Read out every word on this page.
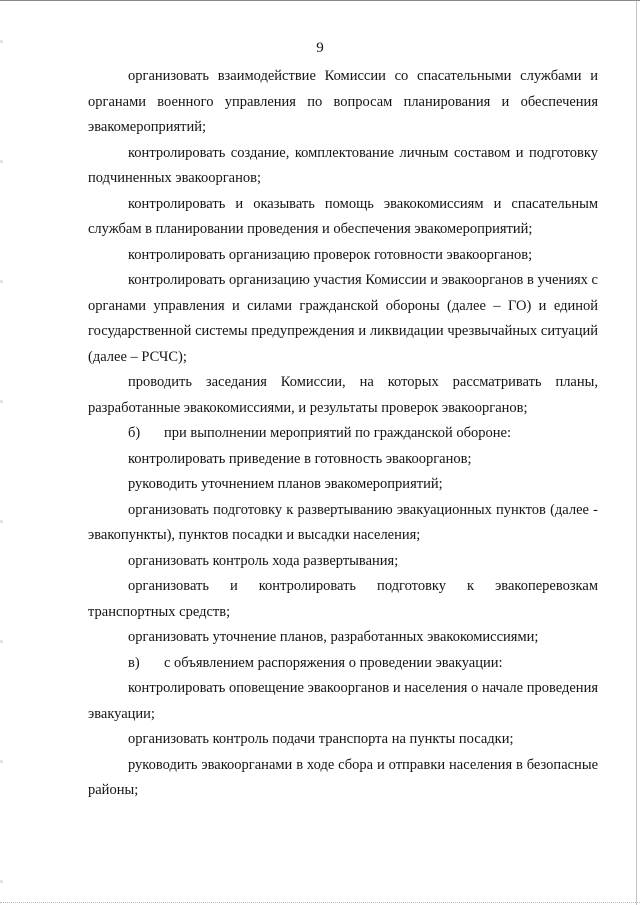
9

организовать взаимодействие Комиссии со спасательными службами и органами военного управления по вопросам планирования и обеспечения эвакомероприятий;

контролировать создание, комплектование личным составом и подготовку подчиненных эвакоорганов;

контролировать и оказывать помощь эвакокомиссиям и спасательным службам в планировании проведения и обеспечения эвакомероприятий;

контролировать организацию проверок готовности эвакоорганов;

контролировать организацию участия Комиссии и эвакоорганов в учениях с органами управления и силами гражданской обороны (далее – ГО) и единой государственной системы предупреждения и ликвидации чрезвычайных ситуаций (далее – РСЧС);

проводить заседания Комиссии, на которых рассматривать планы, разработанные эвакокомиссиями, и результаты проверок эвакоорганов;

б)	при выполнении мероприятий по гражданской обороне:

контролировать приведение в готовность эвакоорганов;

руководить уточнением планов эвакомероприятий;

организовать подготовку к развертыванию эвакуационных пунктов (далее - эвакопункты), пунктов посадки и высадки населения;

организовать контроль хода развертывания;

организовать и контролировать подготовку к эвакоперевозкам транспортных средств;

организовать уточнение планов, разработанных эвакокомиссиями;

в)	с объявлением распоряжения о проведении эвакуации:

контролировать оповещение эвакоорганов и населения о начале проведения эвакуации;

организовать контроль подачи транспорта на пункты посадки;

руководить эвакоорганами в ходе сбора и отправки населения в безопасные районы;
